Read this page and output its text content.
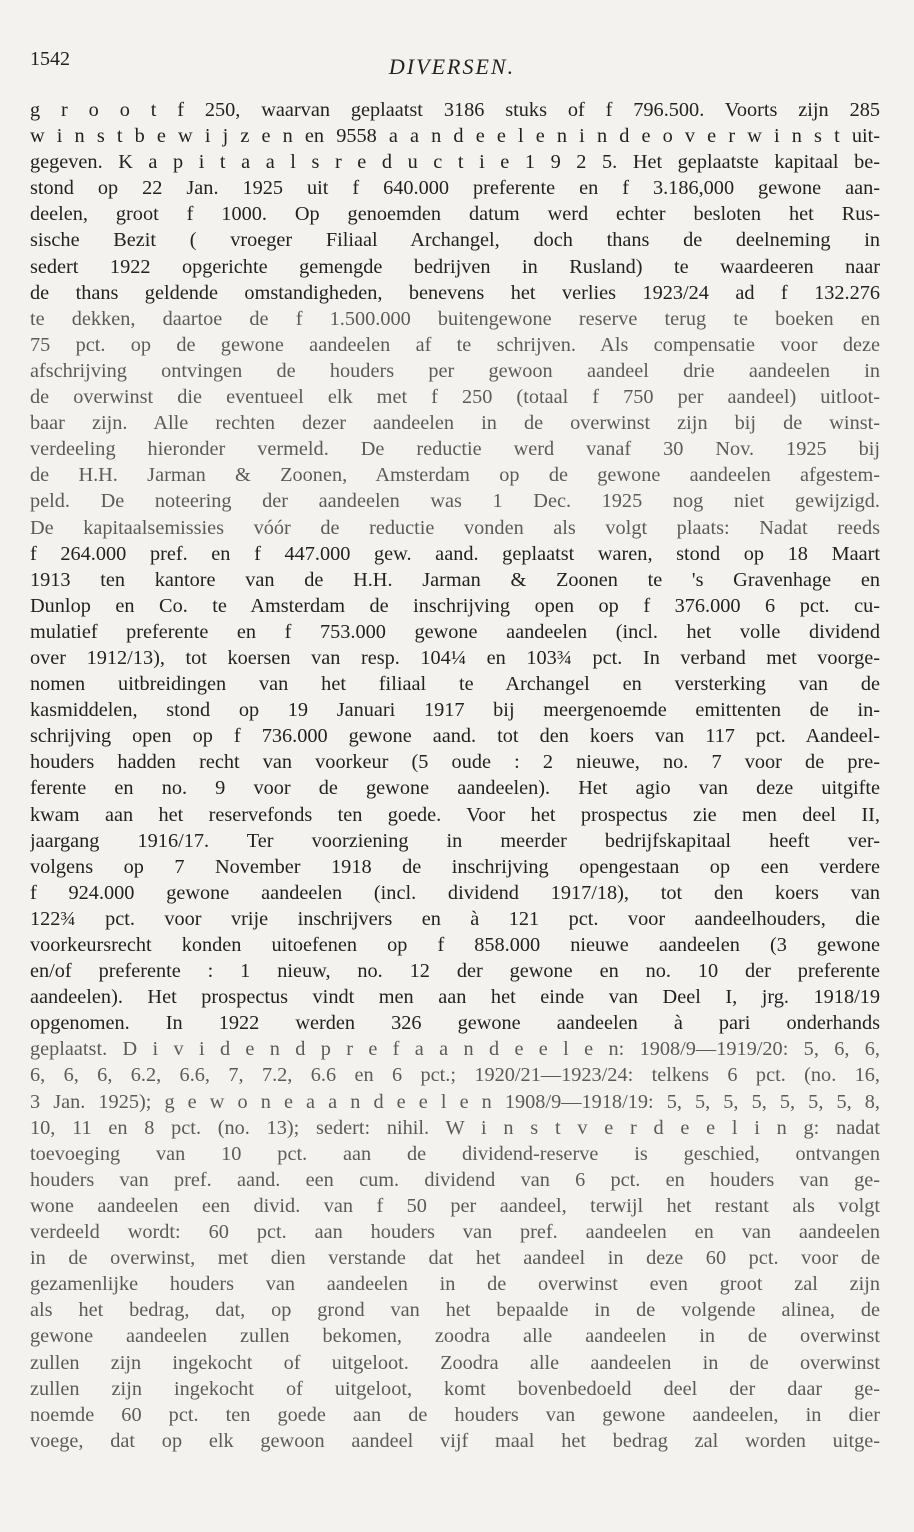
1542	DIVERSEN.
g r o o t f 250, waarvan geplaatst 3186 stuks of f 796.500. Voorts zijn 285
w i n s t b e w i j z e n en 9558 a a n d e e l e n i n d e o v e r w i n s t uit-
gegeven. K a p i t a a l s r e d u c t i e 1 9 2 5. Het geplaatste kapitaal be-
stond op 22 Jan. 1925 uit f 640.000 preferente en f 3.186,000 gewone aan-
deelen, groot f 1000. Op genoemden datum werd echter besloten het Rus-
sische Bezit ( vroeger Filiaal Archangel, doch thans de deelneming in
sedert 1922 opgerichte gemengde bedrijven in Rusland) te waardeeren naar
de thans geldende omstandigheden, benevens het verlies 1923/24 ad f 132.276
te dekken, daartoe de f 1.500.000 buitengewone reserve terug te boeken en
75 pct. op de gewone aandeelen af te schrijven. Als compensatie voor deze
afschrijving ontvingen de houders per gewoon aandeel drie aandeelen in
de overwinst die eventueel elk met f 250 (totaal f 750 per aandeel) uitloot-
baar zijn. Alle rechten dezer aandeelen in de overwinst zijn bij de winst-
verdeeling hieronder vermeld. De reductie werd vanaf 30 Nov. 1925 bij
de H.H. Jarman & Zoonen, Amsterdam op de gewone aandeelen afgestem-
peld. De noteering der aandeelen was 1 Dec. 1925 nog niet gewijzigd.
De kapitaalsemissies vóór de reductie vonden als volgt plaats: Nadat reeds
f 264.000 pref. en f 447.000 gew. aand. geplaatst waren, stond op 18 Maart
1913 ten kantore van de H.H. Jarman & Zoonen te 's Gravenhage en
Dunlop en Co. te Amsterdam de inschrijving open op f 376.000 6 pct. cu-
mulatief preferente en f 753.000 gewone aandeelen (incl. het volle dividend
over 1912/13), tot koersen van resp. 104¼ en 103¾ pct. In verband met voorge-
nomen uitbreidingen van het filiaal te Archangel en versterking van de
kasmiddelen, stond op 19 Januari 1917 bij meergenoemde emittenten de in-
schrijving open op f 736.000 gewone aand. tot den koers van 117 pct. Aandeel-
houders hadden recht van voorkeur (5 oude : 2 nieuwe, no. 7 voor de pre-
ferente en no. 9 voor de gewone aandeelen). Het agio van deze uitgifte
kwam aan het reservefonds ten goede. Voor het prospectus zie men deel II,
jaargang 1916/17. Ter voorziening in meerder bedrijfskapitaal heeft ver-
volgens op 7 November 1918 de inschrijving opengestaan op een verdere
f 924.000 gewone aandeelen (incl. dividend 1917/18), tot den koers van
122¾ pct. voor vrije inschrijvers en à 121 pct. voor aandeelhouders, die
voorkeursrecht konden uitoefenen op f 858.000 nieuwe aandeelen (3 gewone
en/of preferente : 1 nieuw, no. 12 der gewone en no. 10 der preferente
aandeelen). Het prospectus vindt men aan het einde van Deel I, jrg. 1918/19
opgenomen. In 1922 werden 326 gewone aandeelen à pari onderhands
geplaatst. D i v i d e n d p r e f a a n d e e l e n: 1908/9—1919/20: 5, 6, 6,
6, 6, 6, 6.2, 6.6, 7, 7.2, 6.6 en 6 pct.; 1920/21—1923/24: telkens 6 pct. (no. 16,
3 Jan. 1925); g e w o n e a a n d e e l e n 1908/9—1918/19: 5, 5, 5, 5, 5, 5, 5, 8,
10, 11 en 8 pct. (no. 13); sedert: nihil. W i n s t v e r d e e l i n g: nadat
toevoeging van 10 pct. aan de dividend-reserve is geschied, ontvangen
houders van pref. aand. een cum. dividend van 6 pct. en houders van ge-
wone aandeelen een divid. van f 50 per aandeel, terwijl het restant als volgt
verdeeld wordt: 60 pct. aan houders van pref. aandeelen en van aandeelen
in de overwinst, met dien verstande dat het aandeel in deze 60 pct. voor de
gezamenlijke houders van aandeelen in de overwinst even groot zal zijn
als het bedrag, dat, op grond van het bepaalde in de volgende alinea, de
gewone aandeelen zullen bekomen, zoodra alle aandeelen in de overwinst
zullen zijn ingekocht of uitgeloot. Zoodra alle aandeelen in de overwinst
zullen zijn ingekocht of uitgeloot, komt bovenbedoeld deel der daar ge-
noemde 60 pct. ten goede aan de houders van gewone aandeelen, in dier
voege, dat op elk gewoon aandeel vijf maal het bedrag zal worden uitge-
